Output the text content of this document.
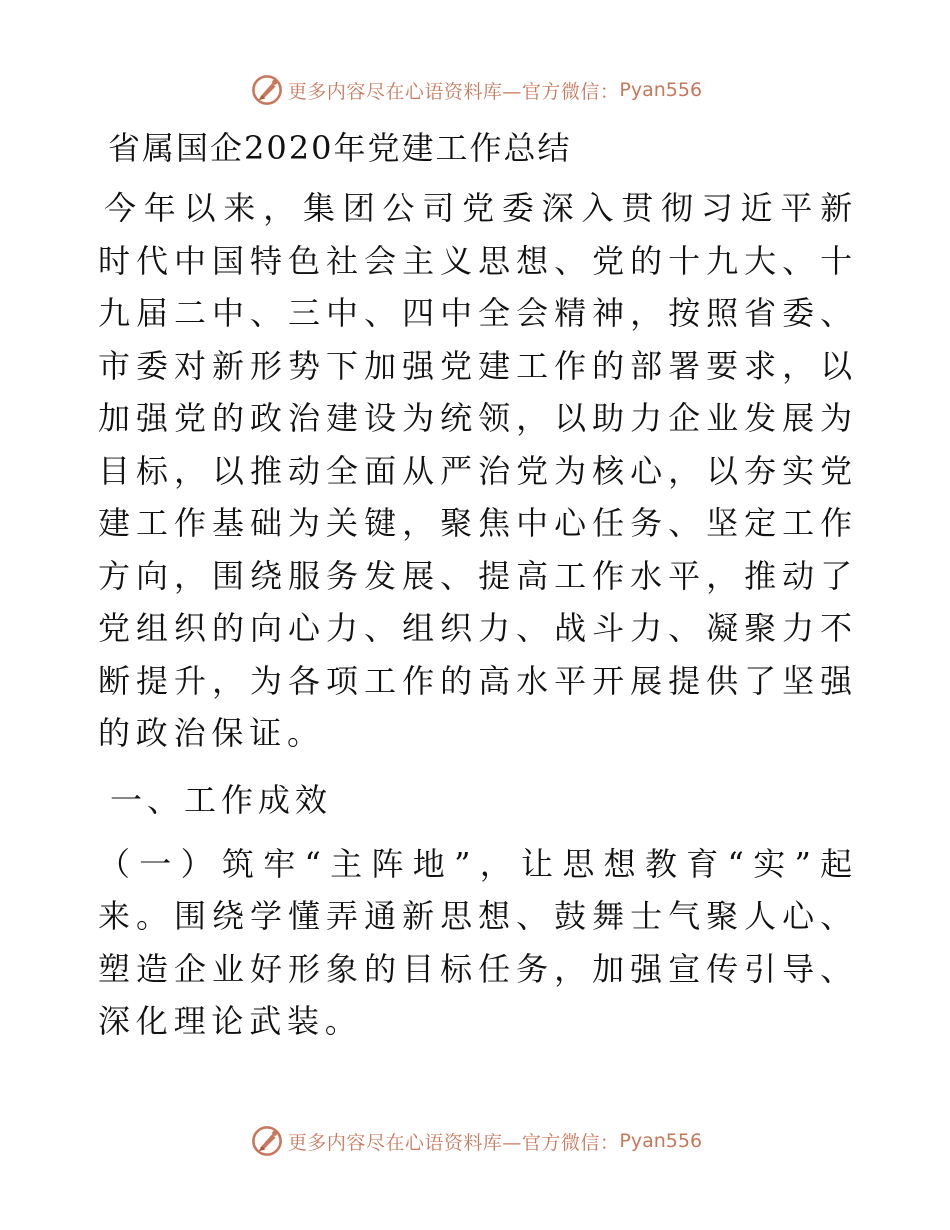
更多内容尽在心语资料库—官方微信： Pyan556
省属国企2020年党建工作总结

今年以来，集团公司党委深入贯彻习近平新时代中国特色社会主义思想、党的十九大、十九届二中、三中、四中全会精神，按照省委、市委对新形势下加强党建工作的部署要求，以加强党的政治建设为统领，以助力企业发展为目标，以推动全面从严治党为核心，以夯实党建工作基础为关键，聚焦中心任务、坚定工作方向，围绕服务发展、提高工作水平，推动了党组织的向心力、组织力、战斗力、凝聚力不断提升，为各项工作的高水平开展提供了坚强的政治保证。

一、工作成效

（一）筑牢“主阵地”，让思想教育“实”起来。围绕学懂弄通新思想、鼓舞士气聚人心、塑造企业好形象的目标任务，加强宣传引导、深化理论武装。

更多内容尽在心语资料库—官方微信： Pyan556
